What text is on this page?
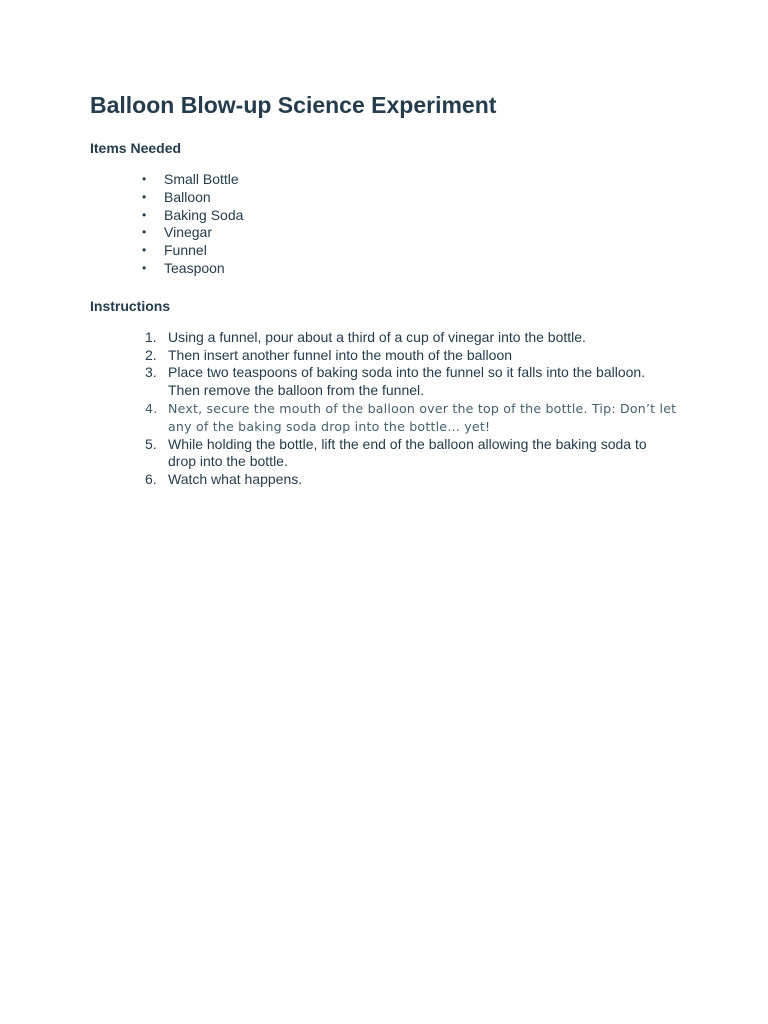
Balloon Blow-up Science Experiment
Items Needed
• Small Bottle
• Balloon
• Baking Soda
• Vinegar
• Funnel
• Teaspoon
Instructions
1. Using a funnel, pour about a third of a cup of vinegar into the bottle.
2. Then insert another funnel into the mouth of the balloon
3. Place two teaspoons of baking soda into the funnel so it falls into the balloon. Then remove the balloon from the funnel.
4. Next, secure the mouth of the balloon over the top of the bottle. Tip: Don’t let any of the baking soda drop into the bottle… yet!
5. While holding the bottle, lift the end of the balloon allowing the baking soda to drop into the bottle.
6. Watch what happens.
